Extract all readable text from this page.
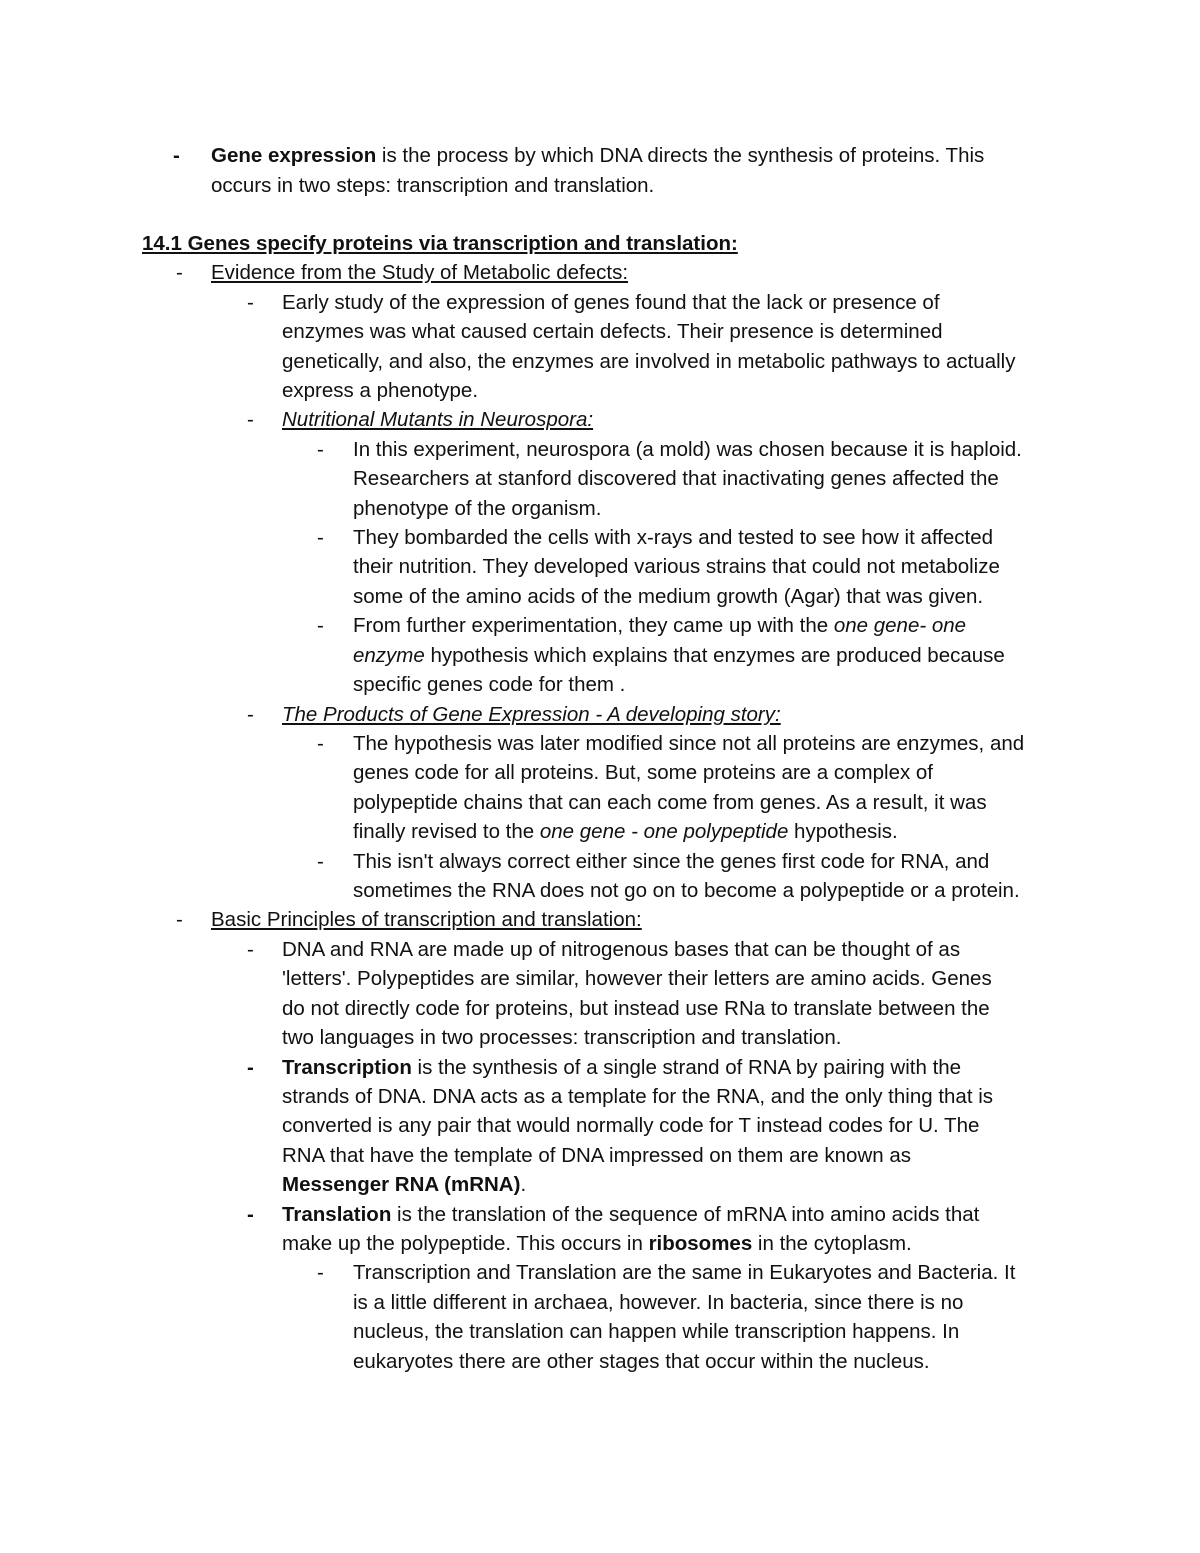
- Gene expression is the process by which DNA directs the synthesis of proteins. This
occurs in two steps: transcription and translation.
14.1 Genes specify proteins via transcription and translation:
- Evidence from the Study of Metabolic defects:
- Early study of the expression of genes found that the lack or presence of
enzymes was what caused certain defects. Their presence is determined
genetically, and also, the enzymes are involved in metabolic pathways to actually
express a phenotype.
- Nutritional Mutants in Neurospora:
- In this experiment, neurospora (a mold) was chosen because it is haploid.
Researchers at stanford discovered that inactivating genes affected the
phenotype of the organism.
- They bombarded the cells with x-rays and tested to see how it affected
their nutrition. They developed various strains that could not metabolize
some of the amino acids of the medium growth (Agar) that was given.
- From further experimentation, they came up with the one gene- one
enzyme hypothesis which explains that enzymes are produced because
specific genes code for them .
- The Products of Gene Expression - A developing story:
- The hypothesis was later modified since not all proteins are enzymes, and
genes code for all proteins. But, some proteins are a complex of
polypeptide chains that can each come from genes. As a result, it was
finally revised to the one gene - one polypeptide hypothesis.
- This isn't always correct either since the genes first code for RNA, and
sometimes the RNA does not go on to become a polypeptide or a protein.
- Basic Principles of transcription and translation:
- DNA and RNA are made up of nitrogenous bases that can be thought of as
'letters'. Polypeptides are similar, however their letters are amino acids. Genes
do not directly code for proteins, but instead use RNa to translate between the
two languages in two processes: transcription and translation.
- Transcription is the synthesis of a single strand of RNA by pairing with the
strands of DNA. DNA acts as a template for the RNA, and the only thing that is
converted is any pair that would normally code for T instead codes for U. The
RNA that have the template of DNA impressed on them are known as
Messenger RNA (mRNA).
- Translation is the translation of the sequence of mRNA into amino acids that
make up the polypeptide. This occurs in ribosomes in the cytoplasm.
- Transcription and Translation are the same in Eukaryotes and Bacteria. It
is a little different in archaea, however. In bacteria, since there is no
nucleus, the translation can happen while transcription happens. In
eukaryotes there are other stages that occur within the nucleus.
